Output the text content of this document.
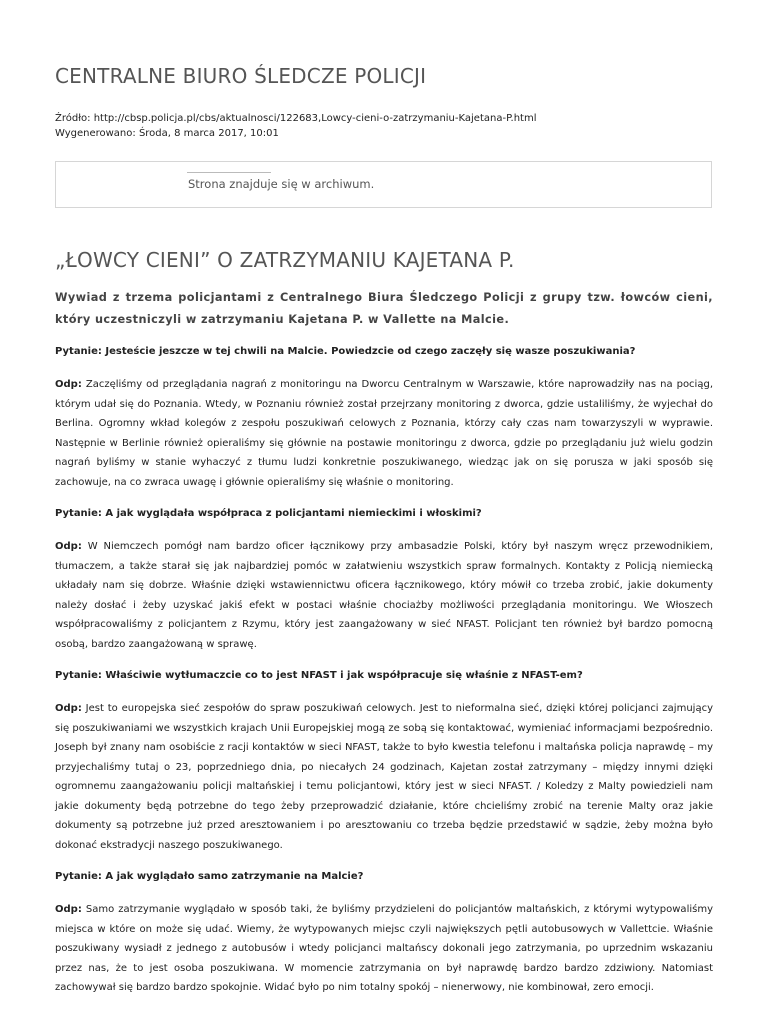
CENTRALNE BIURO ŚLEDCZE POLICJI
Źródło: http://cbsp.policja.pl/cbs/aktualnosci/122683,Lowcy-cieni-o-zatrzymaniu-Kajetana-P.html
Wygenerowano: Środa, 8 marca 2017, 10:01
Strona znajduje się w archiwum.
„ŁOWCY CIENI” O ZATRZYMANIU KAJETANA P.

Wywiad z trzema policjantami z Centralnego Biura Śledczego Policji z grupy tzw. łowców cieni, który uczestniczyli w zatrzymaniu Kajetana P. w Vallette na Malcie.

Pytanie: Jesteście jeszcze w tej chwili na Malcie. Powiedzcie od czego zaczęły się wasze poszukiwania?

Odp: Zaczęliśmy od przeglądania nagrań z monitoringu na Dworcu Centralnym w Warszawie, które naprowadziły nas na pociąg, którym udał się do Poznania. Wtedy, w Poznaniu również został przejrzany monitoring z dworca, gdzie ustaliliśmy, że wyjechał do Berlina. Ogromny wkład kolegów z zespołu poszukiwań celowych z Poznania, którzy cały czas nam towarzyszyli w wyprawie. Następnie w Berlinie również opieraliśmy się głównie na postawie monitoringu z dworca, gdzie po przeglądaniu już wielu godzin nagrań byliśmy w stanie wyhaczyć z tłumu ludzi konkretnie poszukiwanego, wiedząc jak on się porusza w jaki sposób się zachowuje, na co zwraca uwagę i głównie opieraliśmy się właśnie o monitoring.

Pytanie: A jak wyglądała współpraca z policjantami niemieckimi i włoskimi?

Odp: W Niemczech pomógł nam bardzo oficer łącznikowy przy ambasadzie Polski, który był naszym wręcz przewodnikiem, tłumaczem, a także starał się jak najbardziej pomóc w załatwieniu wszystkich spraw formalnych. Kontakty z Policją niemiecką układały nam się dobrze. Właśnie dzięki wstawiennictwu oficera łącznikowego, który mówił co trzeba zrobić, jakie dokumenty należy dosłać i żeby uzyskać jakiś efekt w postaci właśnie chociażby możliwości przeglądania monitoringu. We Włoszech współpracowaliśmy z policjantem z Rzymu, który jest zaangażowany w sieć NFAST. Policjant ten również był bardzo pomocną osobą, bardzo zaangażowaną w sprawę.

Pytanie: Właściwie wytłumaczcie co to jest NFAST i jak współpracuje się właśnie z NFAST-em?

Odp: Jest to europejska sieć zespołów do spraw poszukiwań celowych. Jest to nieformalna sieć, dzięki której policjanci zajmujący się poszukiwaniami we wszystkich krajach Unii Europejskiej mogą ze sobą się kontaktować, wymieniać informacjami bezpośrednio. Joseph był znany nam osobiście z racji kontaktów w sieci NFAST, także to było kwestia telefonu i maltańska policja naprawdę – my przyjechaliśmy tutaj o 23, poprzedniego dnia, po niecałych 24 godzinach, Kajetan został zatrzymany – między innymi dzięki ogromnemu zaangażowaniu policji maltańskiej i temu policjantowi, który jest w sieci NFAST. / Koledzy z Malty powiedzieli nam jakie dokumenty będą potrzebne do tego żeby przeprowadzić działanie, które chcieliśmy zrobić na terenie Malty oraz jakie dokumenty są potrzebne już przed aresztowaniem i po aresztowaniu co trzeba będzie przedstawić w sądzie, żeby można było dokonać ekstradycji naszego poszukiwanego.

Pytanie: A jak wyglądało samo zatrzymanie na Malcie?

Odp: Samo zatrzymanie wyglądało w sposób taki, że byliśmy przydzieleni do policjantów maltańskich, z którymi wytypowaliśmy miejsca w które on może się udać. Wiemy, że wytypowanych miejsc czyli największych pętli autobusowych w Vallettcie. Właśnie poszukiwany wysiadł z jednego z autobusów i wtedy policjanci maltańscy dokonali jego zatrzymania, po uprzednim wskazaniu przez nas, że to jest osoba poszukiwana. W momencie zatrzymania on był naprawdę bardzo bardzo zdziwiony. Natomiast zachowywał się bardzo bardzo spokojnie. Widać było po nim totalny spokój – nienerwowy, nie kombinował, zero emocji.
